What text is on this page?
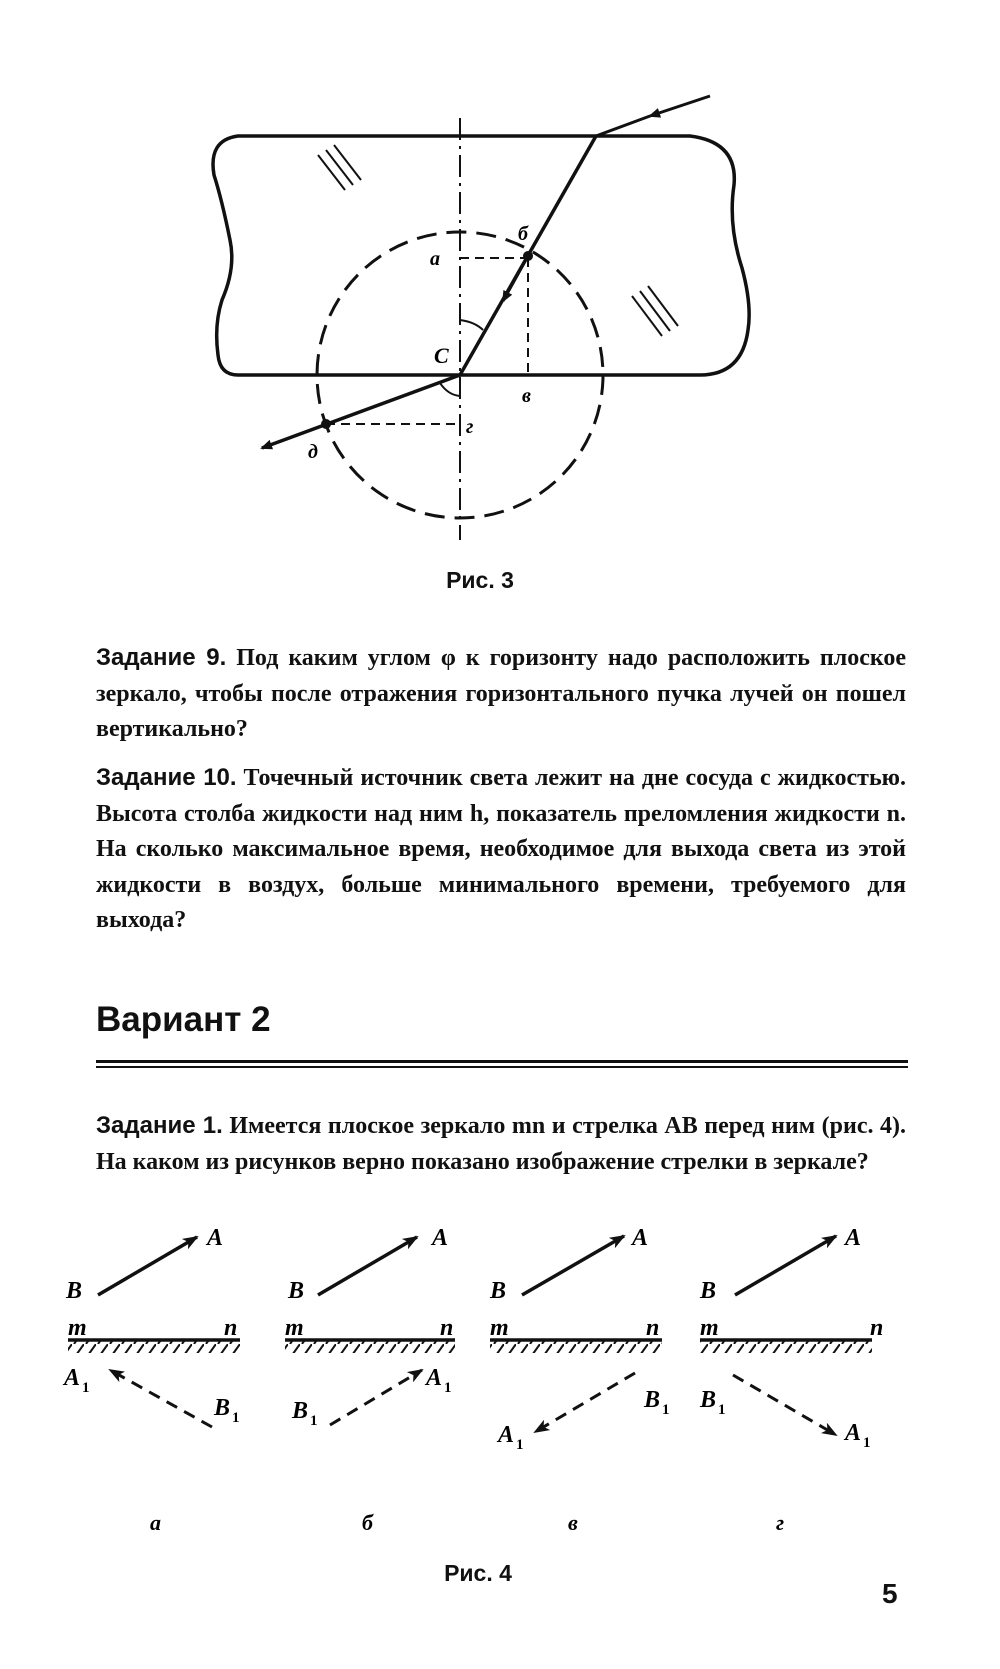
а
б
С
в
г
д
Рис. 3

Задание 9. Под каким углом φ к горизонту надо расположить плоское зеркало, чтобы после отражения горизонтального пучка лучей он пошел вертикально?

Задание 10. Точечный источник света лежит на дне сосуда с жидкостью. Высота столба жидкости над ним h, показатель преломления жидкости n. На сколько максимальное время, необходимое для выхода света из этой жидкости в воздух, больше минимального времени, требуемого для выхода?

Вариант 2

Задание 1. Имеется плоское зеркало mn и стрелка AB перед ним (рис. 4). На каком из рисунков верно показано изображение стрелки в зеркале?

A
B
m	n
A 1
B 1
а
A
B
m	n
A 1
B 1
б
A
B
m	n
B 1
A 1
в
A
B
m	n
B 1
A 1
г
Рис. 4
5
